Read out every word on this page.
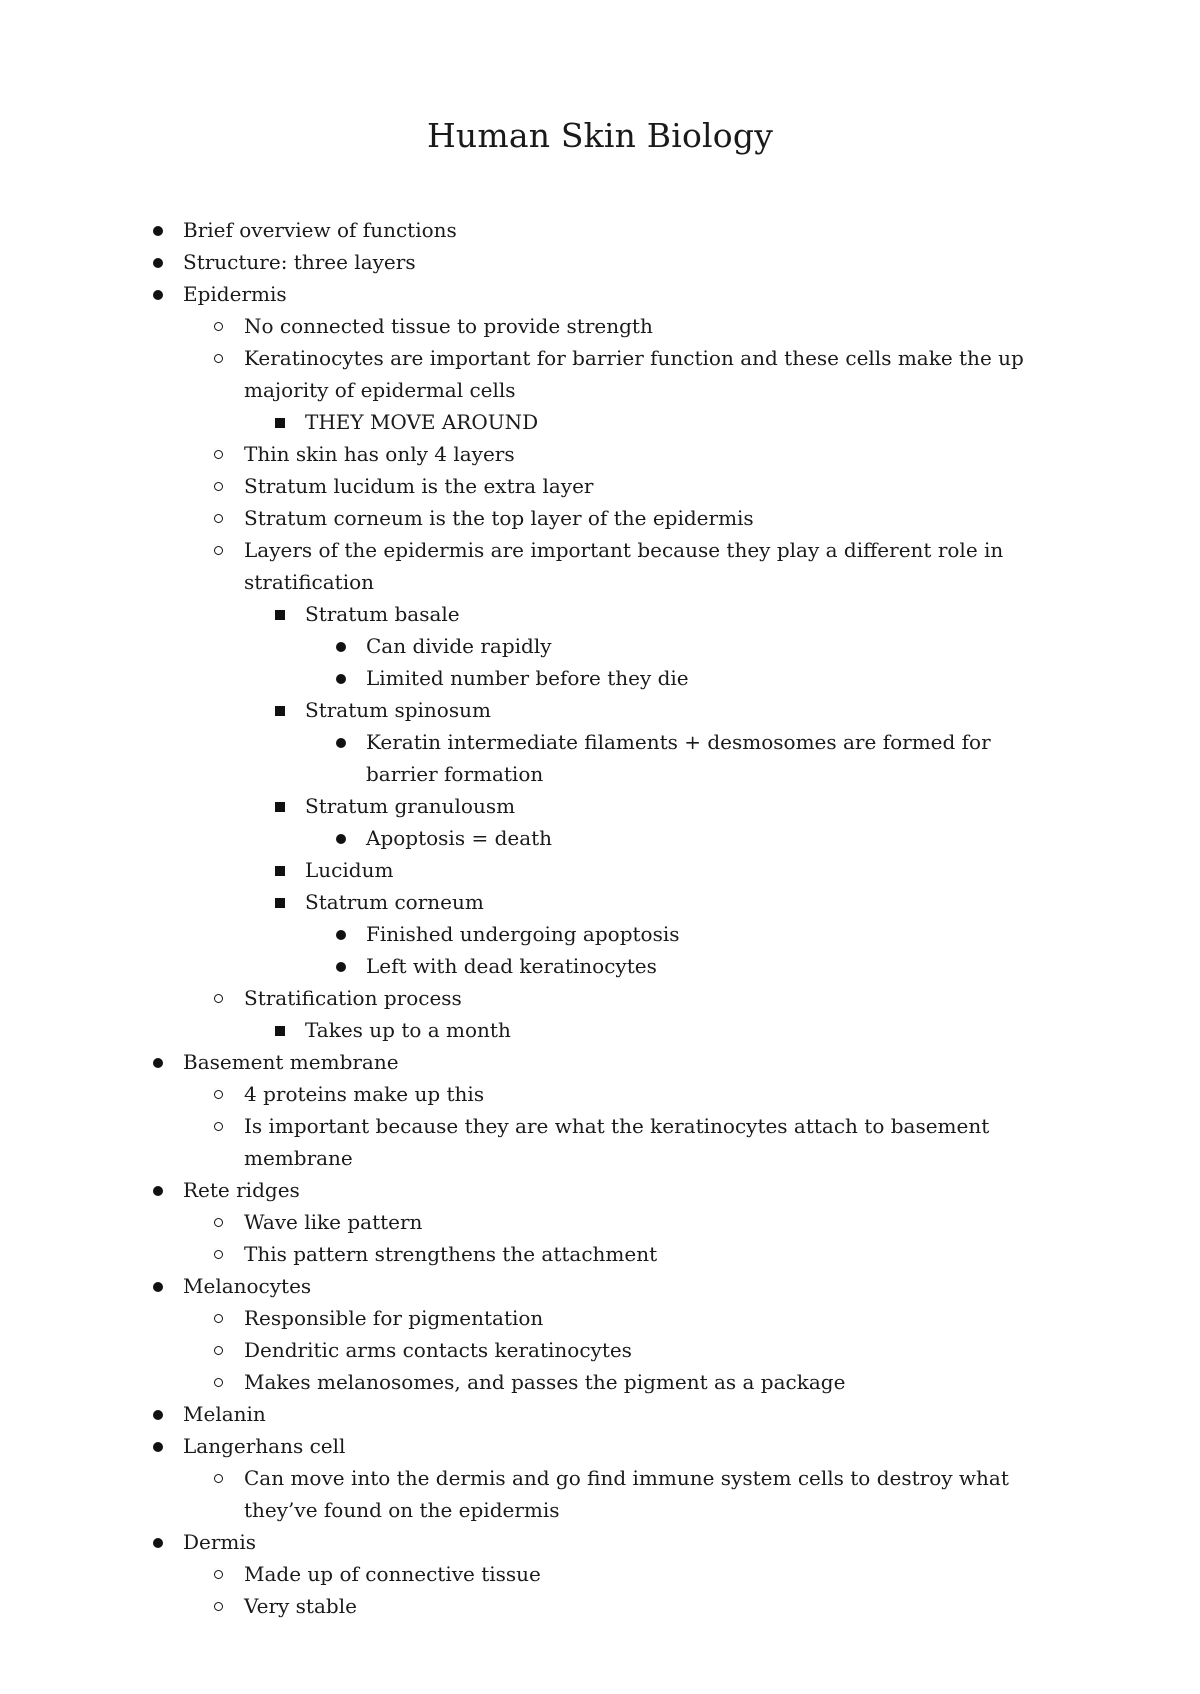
Human Skin Biology
Brief overview of functions
Structure: three layers
Epidermis
No connected tissue to provide strength
Keratinocytes are important for barrier function and these cells make the up majority of epidermal cells
THEY MOVE AROUND
Thin skin has only 4 layers
Stratum lucidum is the extra layer
Stratum corneum is the top layer of the epidermis
Layers of the epidermis are important because they play a different role in stratification
Stratum basale
Can divide rapidly
Limited number before they die
Stratum spinosum
Keratin intermediate filaments + desmosomes are formed for barrier formation
Stratum granulousm
Apoptosis = death
Lucidum
Statrum corneum
Finished undergoing apoptosis
Left with dead keratinocytes
Stratification process
Takes up to a month
Basement membrane
4 proteins make up this
Is important because they are what the keratinocytes attach to basement membrane
Rete ridges
Wave like pattern
This pattern strengthens the attachment
Melanocytes
Responsible for pigmentation
Dendritic arms contacts keratinocytes
Makes melanosomes, and passes the pigment as a package
Melanin
Langerhans cell
Can move into the dermis and go find immune system cells to destroy what they’ve found on the epidermis
Dermis
Made up of connective tissue
Very stable
